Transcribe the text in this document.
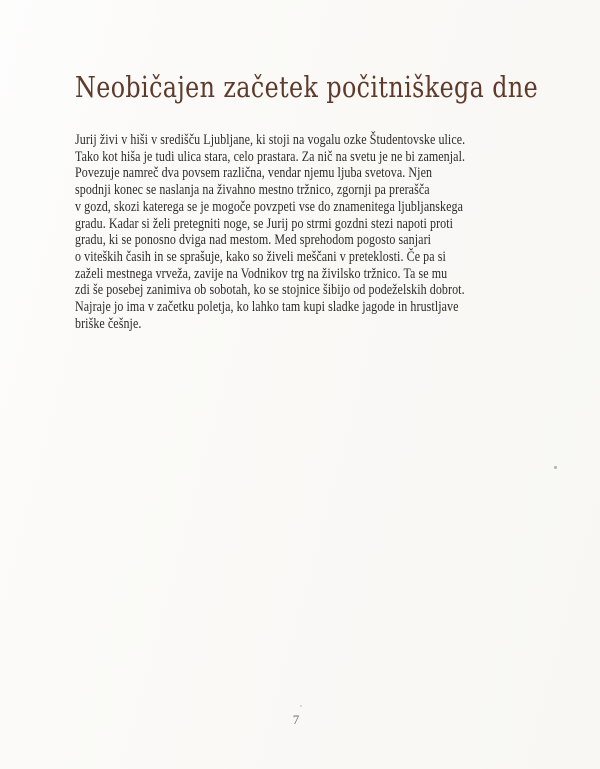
Neobičajen začetek počitniškega dne
Jurij živi v hiši v središču Ljubljane, ki stoji na vogalu ozke Študentovske ulice.
Tako kot hiša je tudi ulica stara, celo prastara. Za nič na svetu je ne bi zamenjal.
Povezuje namreč dva povsem različna, vendar njemu ljuba svetova. Njen
spodnji konec se naslanja na živahno mestno tržnico, zgornji pa prerašča
v gozd, skozi katerega se je mogoče povzpeti vse do znamenitega ljubljanskega
gradu. Kadar si želi pretegniti noge, se Jurij po strmi gozdni stezi napoti proti
gradu, ki se ponosno dviga nad mestom. Med sprehodom pogosto sanjari
o viteških časih in se sprašuje, kako so živeli meščani v preteklosti. Če pa si
zaželi mestnega vrveža, zavije na Vodnikov trg na živilsko tržnico. Ta se mu
zdi še posebej zanimiva ob sobotah, ko se stojnice šibijo od podeželskih dobrot.
Najraje jo ima v začetku poletja, ko lahko tam kupi sladke jagode in hrustljave
briške češnje.
7
